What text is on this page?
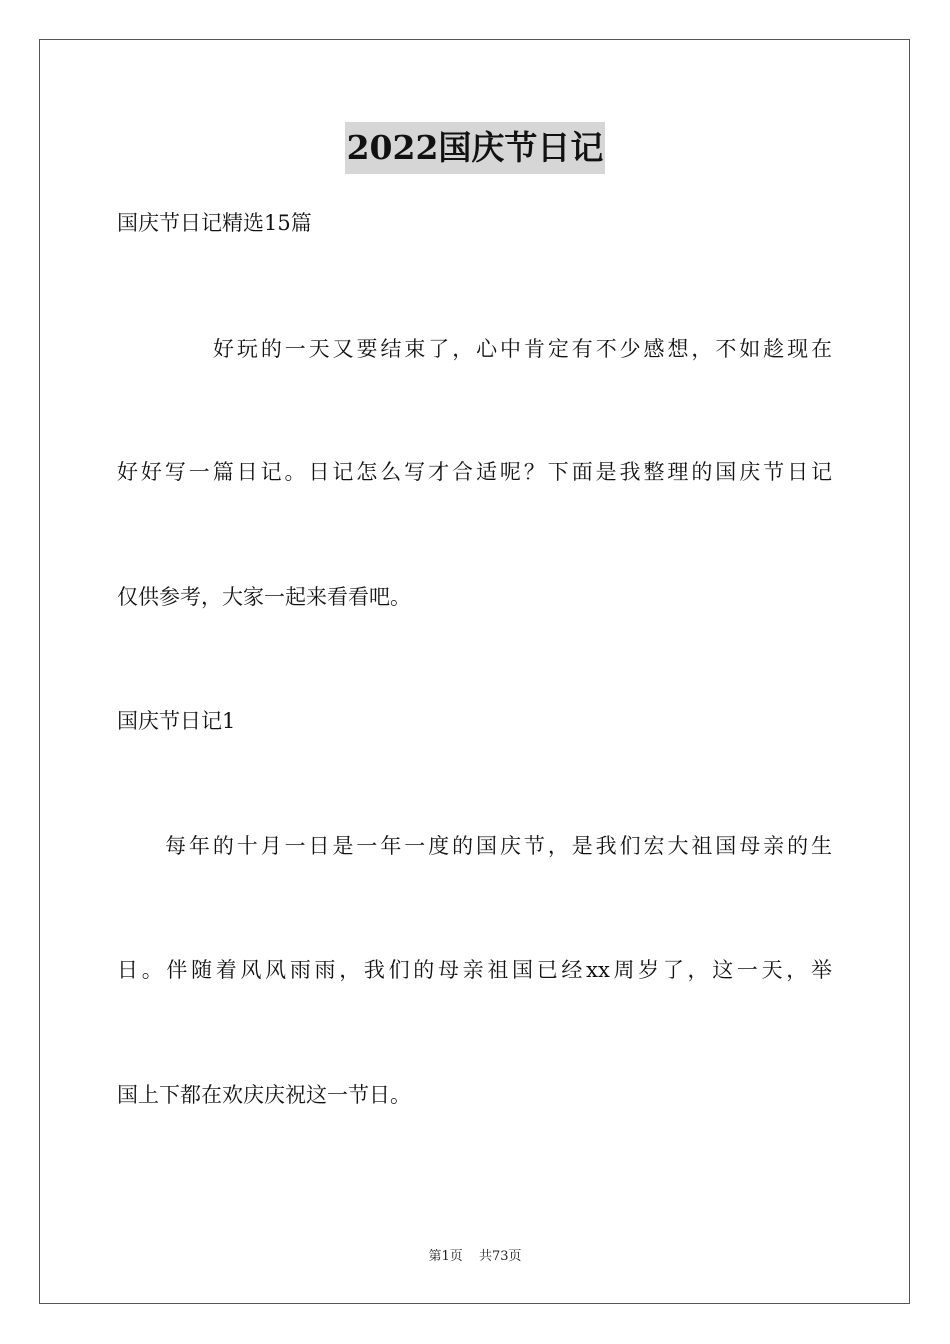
2022国庆节日记
国庆节日记精选15篇
好玩的一天又要结束了，心中肯定有不少感想，不如趁现在
好好写一篇日记。日记怎么写才合适呢？下面是我整理的国庆节日记
仅供参考，大家一起来看看吧。
国庆节日记1
每年的十月一日是一年一度的国庆节，是我们宏大祖国母亲的生
日。伴随着风风雨雨，我们的母亲祖国已经xx周岁了，这一天，举
国上下都在欢庆庆祝这一节日。
第1页 共73页
